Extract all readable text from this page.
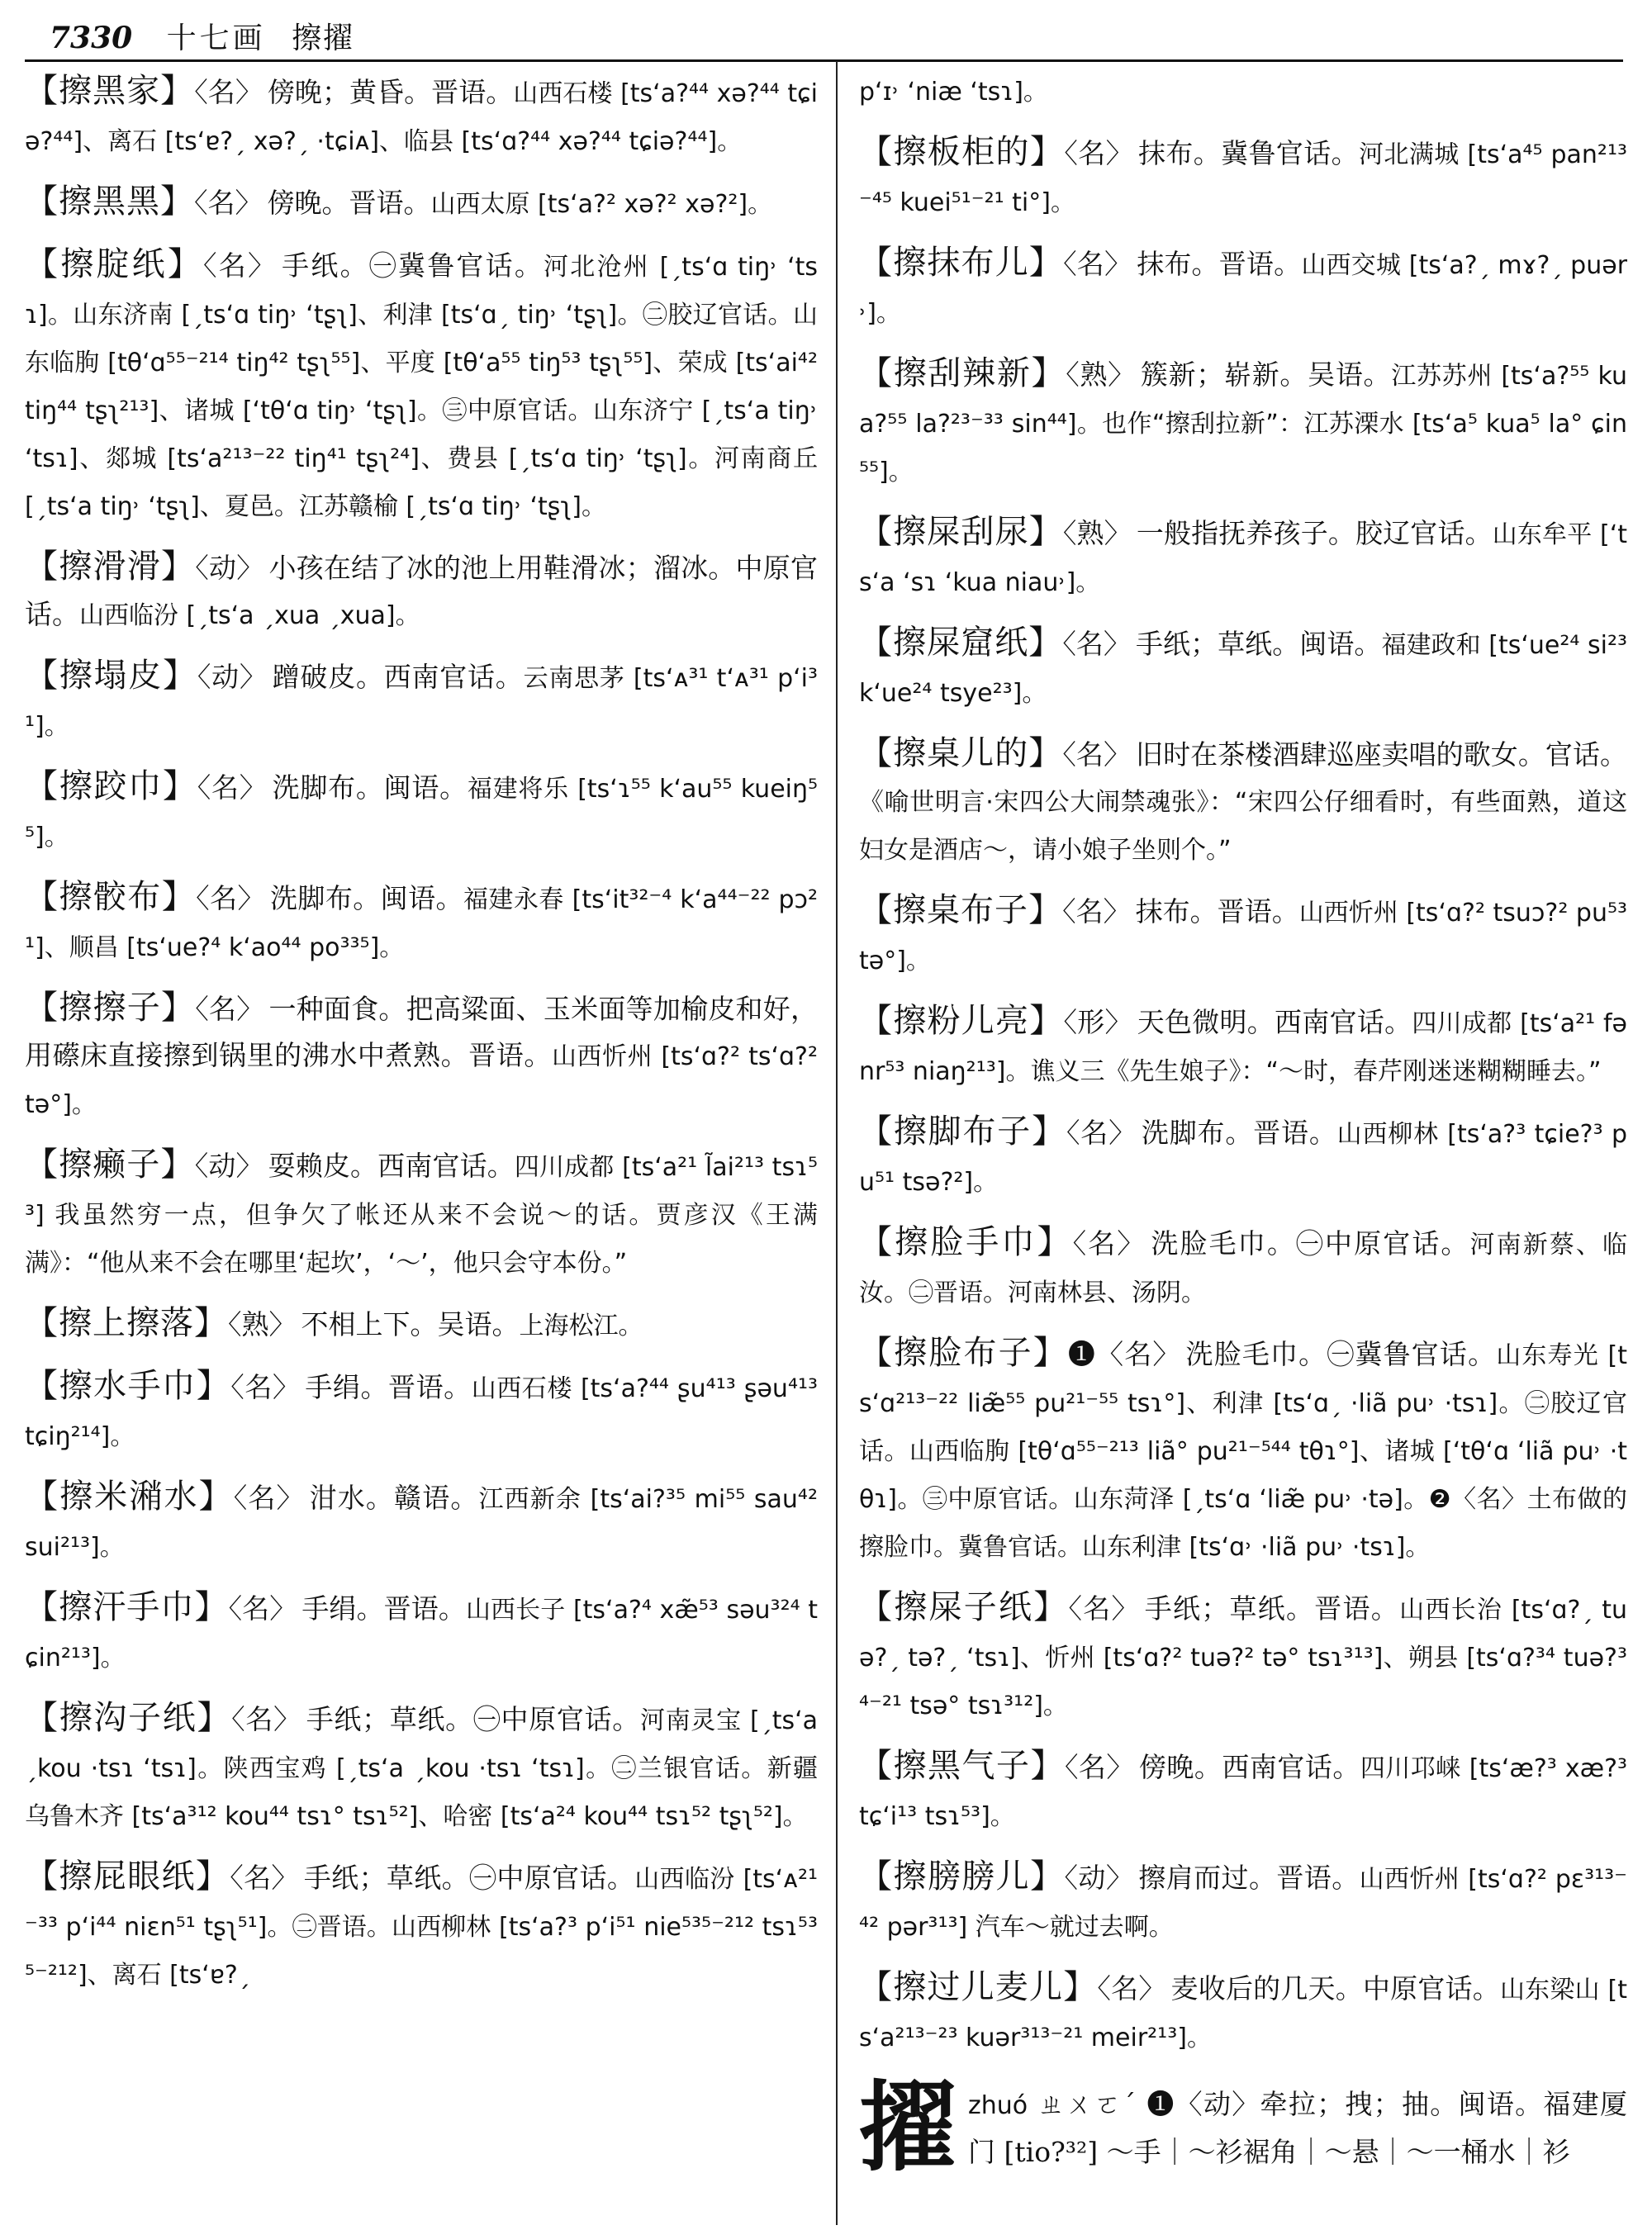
7330 十七画 擦擢
【擦黑家】〈名〉 傍晚；黄昏。晋语。山西石楼 [ts‘a?⁴⁴ xə?⁴⁴ tɕiə?⁴⁴]、离石 [ts‘ɐ?ˏ xə?ˏ ·tɕiᴀ]、临县 [ts‘ɑ?⁴⁴ xə?⁴⁴ tɕiə?⁴⁴]。
【擦黑黑】〈名〉 傍晚。晋语。山西太原 [ts‘a?² xə?² xə?²]。
【擦腚纸】〈名〉 手纸。㊀冀鲁官话。河北沧州 [ˏts‘ɑ tiŋ˒ ‘tsɿ]。山东济南 [ˏts‘ɑ tiŋ˒ ‘tʂʅ]、利津 [ts‘ɑˏ tiŋ˒ ‘tʂʅ]。㊁胶辽官话。山东临朐 [tθ‘ɑ⁵⁵⁻²¹⁴ tiŋ⁴² tʂʅ⁵⁵]、平度 [tθ‘a⁵⁵ tiŋ⁵³ tʂʅ⁵⁵]、荣成 [ts‘ai⁴² tiŋ⁴⁴ tʂʅ²¹³]、诸城 [‘tθ‘ɑ tiŋ˒ ‘tʂʅ]。㊂中原官话。山东济宁 [ˏts‘a tiŋ˒ ‘tsɿ]、郯城 [ts‘a²¹³⁻²² tiŋ⁴¹ tʂʅ²⁴]、费县 [ˏts‘ɑ tiŋ˒ ‘tʂʅ]。河南商丘 [ˏts‘a tiŋ˒ ‘tʂʅ]、夏邑。江苏赣榆 [ˏts‘ɑ tiŋ˒ ‘tʂʅ]。
【擦滑滑】〈动〉 小孩在结了冰的池上用鞋滑冰；溜冰。中原官话。山西临汾 [ˏts‘a ˏxua ˏxua]。
【擦塌皮】〈动〉 蹭破皮。西南官话。云南思茅 [ts‘ᴀ³¹ t‘ᴀ³¹ p‘i³¹]。
【擦跤巾】〈名〉 洗脚布。闽语。福建将乐 [ts‘ɿ⁵⁵ k‘au⁵⁵ kueiŋ⁵⁵]。
【擦骹布】〈名〉 洗脚布。闽语。福建永春 [ts‘it³²⁻⁴ k‘a⁴⁴⁻²² pɔ²¹]、顺昌 [ts‘ue?⁴ k‘ao⁴⁴ po³³⁵]。
【擦擦子】〈名〉 一种面食。把高粱面、玉米面等加榆皮和好，用礤床直接擦到锅里的沸水中煮熟。晋语。山西忻州 [ts‘ɑ?² ts‘ɑ?² tə°]。
【擦癞子】〈动〉 耍赖皮。西南官话。四川成都 [ts‘a²¹ l̃ai²¹³ tsɿ⁵³] 我虽然穷一点，但争欠了帐还从来不会说～的话。贾彦汉《王满满》：“他从来不会在哪里‘起坎’，‘～’，他只会守本份。”
【擦上擦落】〈熟〉 不相上下。吴语。上海松江。
【擦水手巾】〈名〉 手绢。晋语。山西石楼 [ts‘a?⁴⁴ ʂu⁴¹³ ʂəu⁴¹³ tɕiŋ²¹⁴]。
【擦米潲水】〈名〉 泔水。赣语。江西新余 [ts‘ai?³⁵ mi⁵⁵ sau⁴² sui²¹³]。
【擦汗手巾】〈名〉 手绢。晋语。山西长子 [ts‘a?⁴ xæ̃⁵³ səu³²⁴ tɕin²¹³]。
【擦沟子纸】〈名〉 手纸；草纸。㊀中原官话。河南灵宝 [ˏts‘a ˏkou ·tsɿ ‘tsɿ]。陕西宝鸡 [ˏts‘a ˏkou ·tsɿ ‘tsɿ]。㊁兰银官话。新疆乌鲁木齐 [ts‘a³¹² kou⁴⁴ tsɿ° tsɿ⁵²]、哈密 [ts‘a²⁴ kou⁴⁴ tsɿ⁵² tʂʅ⁵²]。
【擦屁眼纸】〈名〉 手纸；草纸。㊀中原官话。山西临汾 [ts‘ᴀ²¹⁻³³ p‘i⁴⁴ niɛn⁵¹ tʂʅ⁵¹]。㊁晋语。山西柳林 [ts‘a?³ p‘i⁵¹ nie⁵³⁵⁻²¹² tsɿ⁵³⁵⁻²¹²]、离石 [ts‘ɐ?ˏ
p‘ɪ˒ ‘niæ ‘tsɿ]。
【擦板柜的】〈名〉 抹布。冀鲁官话。河北满城 [ts‘a⁴⁵ pan²¹³⁻⁴⁵ kuei⁵¹⁻²¹ ti°]。
【擦抹布儿】〈名〉 抹布。晋语。山西交城 [ts‘a?ˏ mɤ?ˏ puər˒]。
【擦刮辣新】〈熟〉 簇新；崭新。吴语。江苏苏州 [ts‘a?⁵⁵ kua?⁵⁵ la?²³⁻³³ sin⁴⁴]。也作“擦刮拉新”：江苏溧水 [ts‘a⁵ kua⁵ la° ɕin⁵⁵]。
【擦屎刮尿】〈熟〉 一般指抚养孩子。胶辽官话。山东牟平 [‘ts‘a ‘sɿ ‘kua niau˒]。
【擦屎窟纸】〈名〉 手纸；草纸。闽语。福建政和 [ts‘ue²⁴ si²³ k‘ue²⁴ tsye²³]。
【擦桌儿的】〈名〉 旧时在茶楼酒肆巡座卖唱的歌女。官话。《喻世明言·宋四公大闹禁魂张》：“宋四公仔细看时，有些面熟，道这妇女是酒店～，请小娘子坐则个。”
【擦桌布子】〈名〉 抹布。晋语。山西忻州 [ts‘ɑ?² tsuɔ?² pu⁵³ tə°]。
【擦粉儿亮】〈形〉 天色微明。西南官话。四川成都 [ts‘a²¹ fənr⁵³ niaŋ²¹³]。谯义三《先生娘子》：“～时，春芹刚迷迷糊糊睡去。”
【擦脚布子】〈名〉 洗脚布。晋语。山西柳林 [ts‘a?³ tɕie?³ pu⁵¹ tsə?²]。
【擦脸手巾】〈名〉 洗脸毛巾。㊀中原官话。河南新蔡、临汝。㊁晋语。河南林县、汤阴。
【擦脸布子】❶〈名〉 洗脸毛巾。㊀冀鲁官话。山东寿光 [ts‘ɑ²¹³⁻²² liæ̃⁵⁵ pu²¹⁻⁵⁵ tsɿ°]、利津 [ts‘ɑˏ ·liã pu˒ ·tsɿ]。㊁胶辽官话。山西临朐 [tθ‘ɑ⁵⁵⁻²¹³ liã° pu²¹⁻⁵⁴⁴ tθɿ°]、诸城 [‘tθ‘ɑ ‘liã pu˒ ·tθɿ]。㊂中原官话。山东菏泽 [ˏts‘ɑ ‘liæ̃ pu˒ ·tə]。❷〈名〉土布做的擦脸巾。冀鲁官话。山东利津 [ts‘ɑ˒ ·liã pu˒ ·tsɿ]。
【擦屎子纸】〈名〉 手纸；草纸。晋语。山西长治 [ts‘ɑ?ˏ tuə?ˏ tə?ˏ ‘tsɿ]、忻州 [ts‘ɑ?² tuə?² tə° tsɿ³¹³]、朔县 [ts‘ɑ?³⁴ tuə?³⁴⁻²¹ tsə° tsɿ³¹²]。
【擦黑气子】〈名〉 傍晚。西南官话。四川邛崃 [ts‘æ?³ xæ?³ tɕ‘i¹³ tsɿ⁵³]。
【擦膀膀儿】〈动〉 擦肩而过。晋语。山西忻州 [ts‘ɑ?² pɛ³¹³⁻⁴² pər³¹³] 汽车～就过去啊。
【擦过儿麦儿】〈名〉 麦收后的几天。中原官话。山东梁山 [ts‘a²¹³⁻²³ kuər³¹³⁻²¹ meir²¹³]。
擢 zhuó ㄓㄨㄛˊ ❶〈动〉牵拉；拽；抽。闽语。福建厦门 [tio?³²] ～手｜～衫裾角｜～悬｜～一桶水｜衫
